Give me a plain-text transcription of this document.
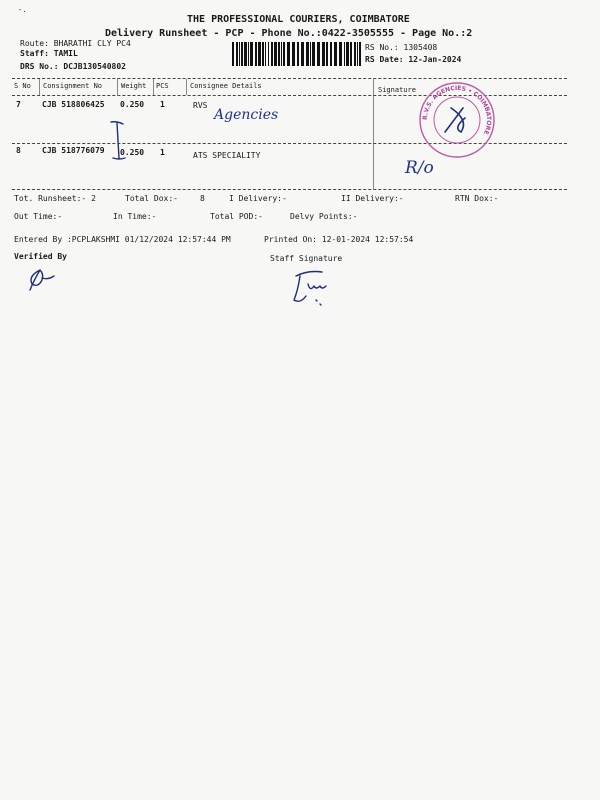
-.
THE PROFESSIONAL COURIERS, COIMBATORE
Delivery Runsheet - PCP - Phone No.:0422-3505555 - Page No.:2
Route: BHARATHI CLY PC4
Staff: TAMIL
DRS No.: DCJB130540802
RS No.: 1305408
RS Date: 12-Jan-2024
S No Consignment No	Weight PCS	Consignee Details	Signature
7	CJB 518806425 0.250 1	RVS
Agencies
8	CJB 518776079 0.250 1	ATS SPECIALITY
R/o
R.V.S. AGENCIES • COIMBATORE
Tot. Runsheet:- 2	Total Dox:-	8	I Delivery:-	II Delivery:-	RTN Dox:-
Out Time:-	In Time:-	Total POD:-	Delvy Points:-
Entered By :PCPLAKSHMI 01/12/2024 12:57:44 PM	Printed On: 12-01-2024 12:57:54
Verified By	Staff Signature
